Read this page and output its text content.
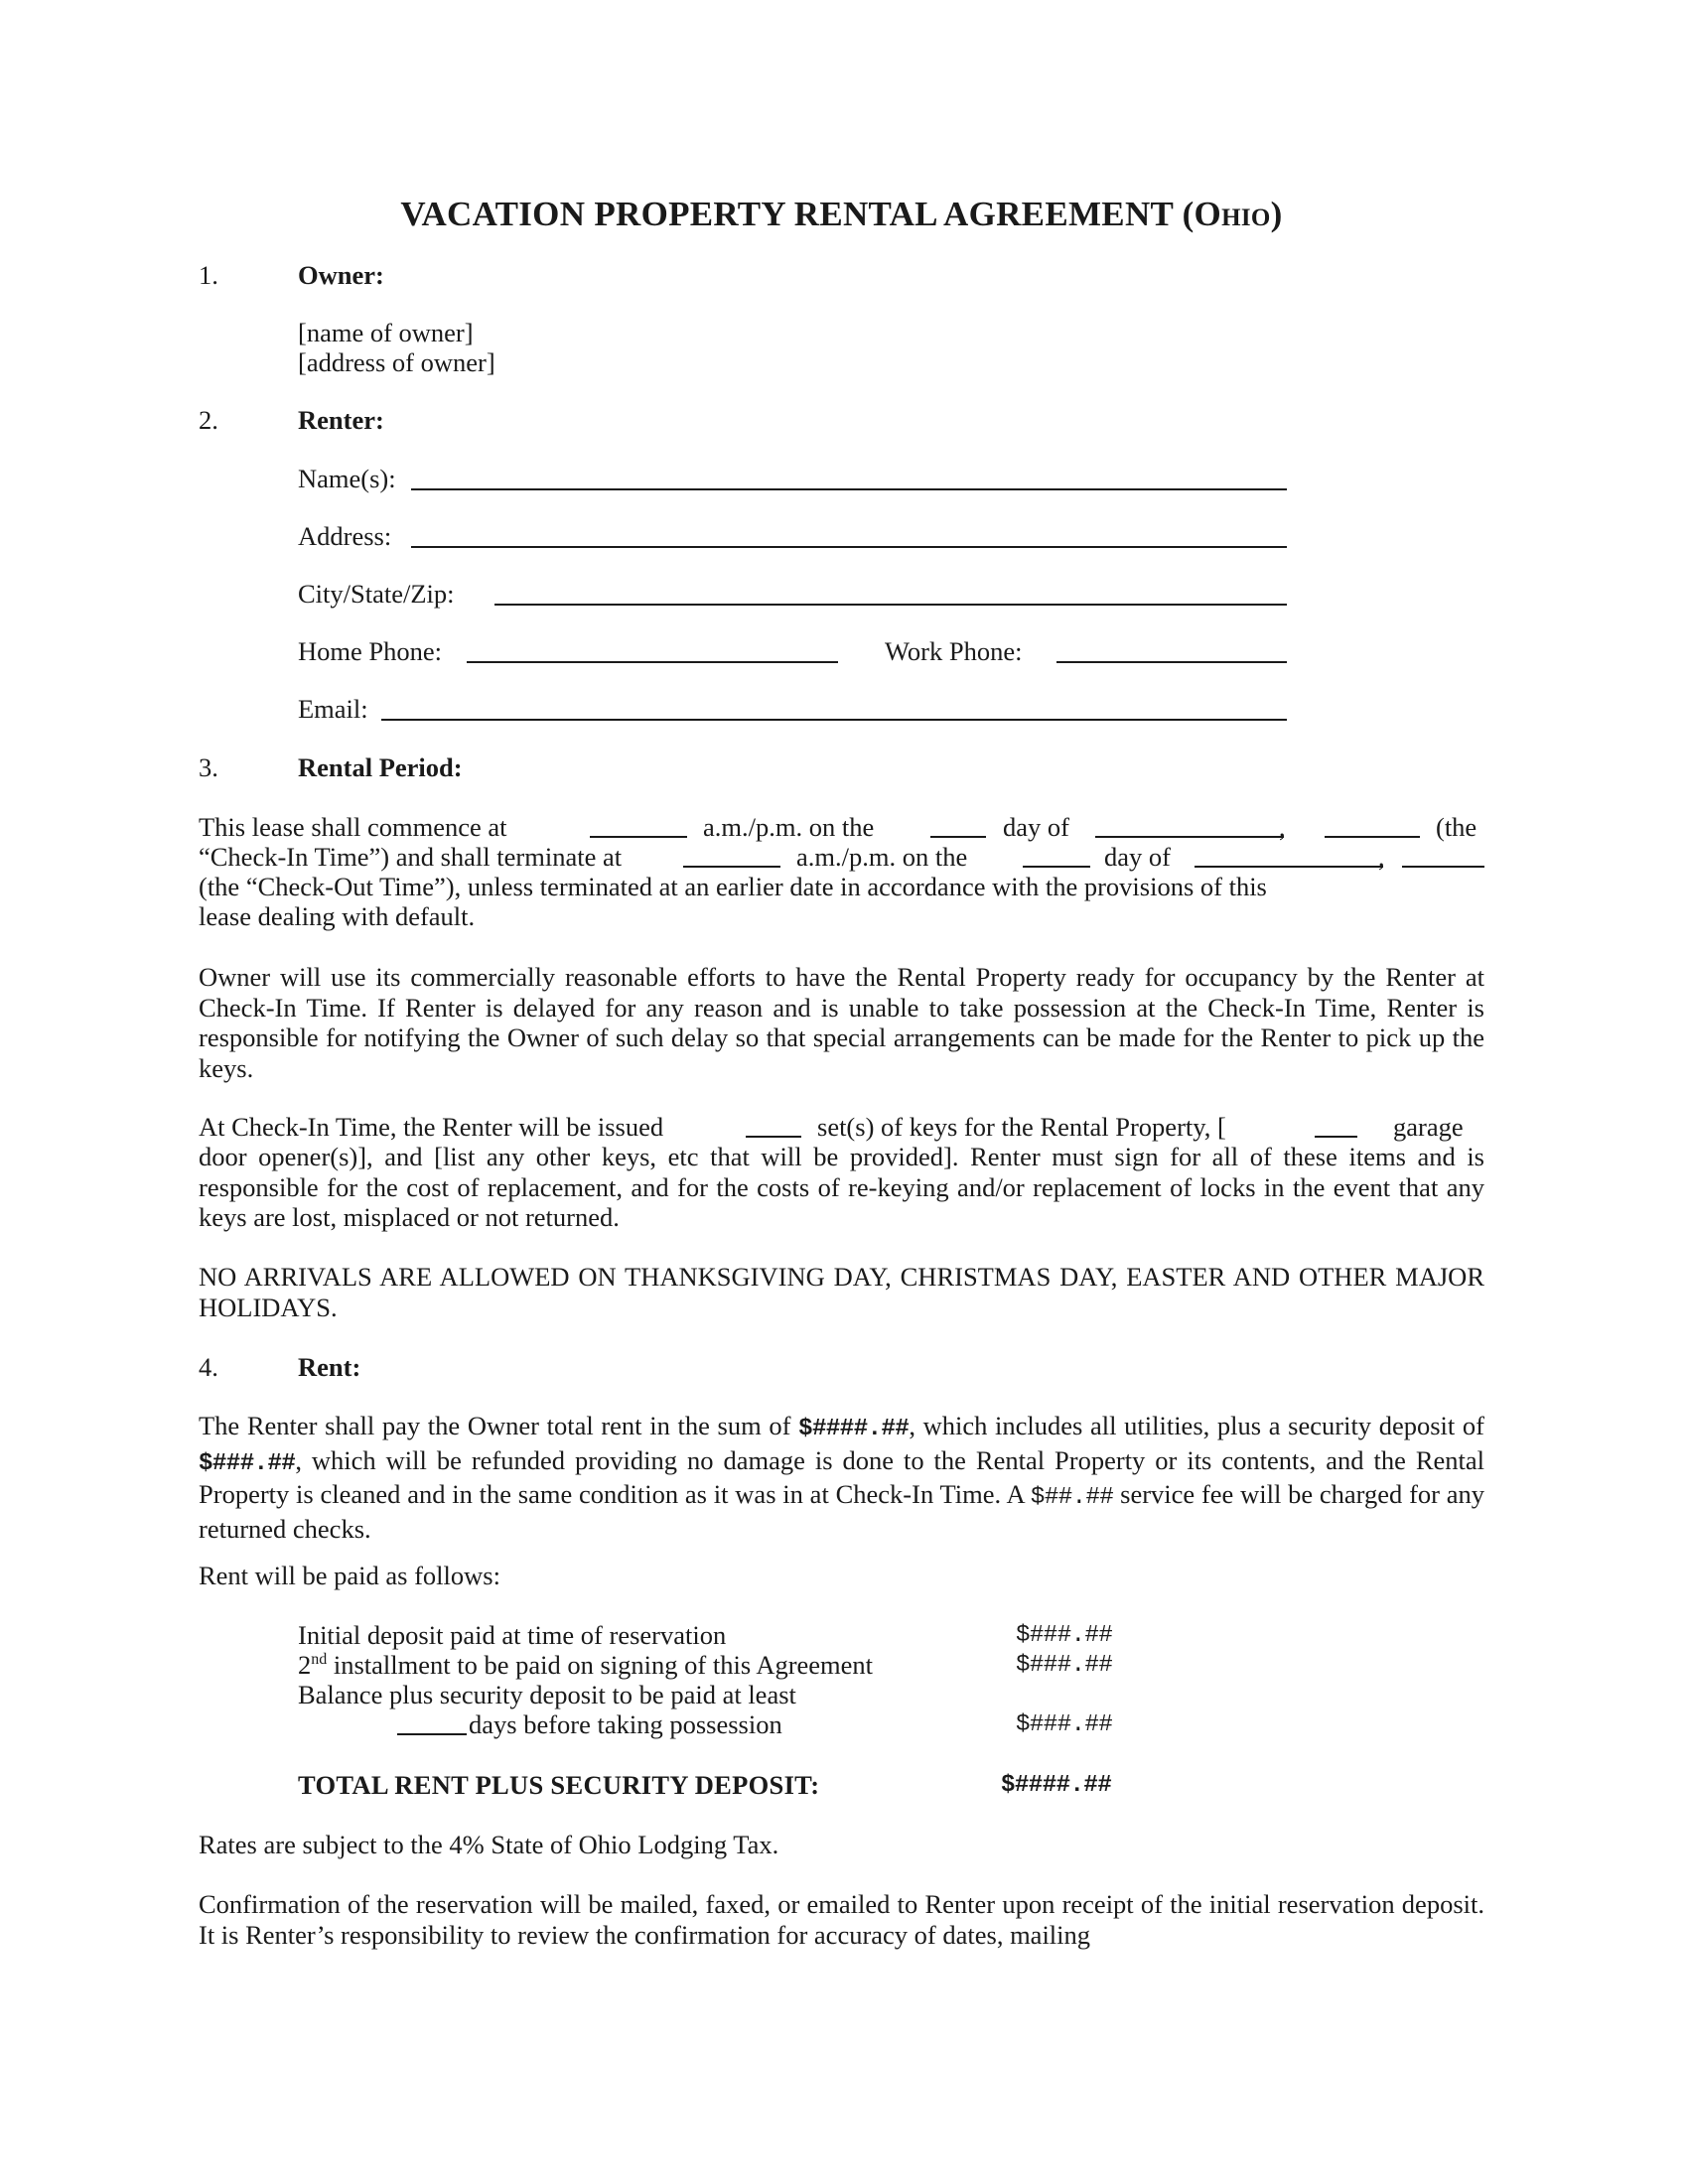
VACATION PROPERTY RENTAL AGREEMENT (Ohio)
1.	Owner:
[name of owner]
[address of owner]
2.	Renter:
Name(s):
Address:
City/State/Zip:
Home Phone:	Work Phone:
Email:
3.	Rental Period:
This lease shall commence at	a.m./p.m. on the	day of	,	(the
“Check-In Time”) and shall terminate at	a.m./p.m. on the	day of	,
(the “Check-Out Time”), unless terminated at an earlier date in accordance with the provisions of this
lease dealing with default.
Owner will use its commercially reasonable efforts to have the Rental Property ready for occupancy by the Renter at Check-In Time. If Renter is delayed for any reason and is unable to take possession at the Check-In Time, Renter is responsible for notifying the Owner of such delay so that special arrangements can be made for the Renter to pick up the keys.
At Check-In Time, the Renter will be issued	set(s) of keys for the Rental Property, [	garage
door opener(s)], and [list any other keys, etc that will be provided]. Renter must sign for all of these items and is responsible for the cost of replacement, and for the costs of re-keying and/or replacement of locks in the event that any keys are lost, misplaced or not returned.
NO ARRIVALS ARE ALLOWED ON THANKSGIVING DAY, CHRISTMAS DAY, EASTER AND OTHER MAJOR HOLIDAYS.
4.	Rent:
The Renter shall pay the Owner total rent in the sum of $####.##, which includes all utilities, plus a security deposit of $###.##, which will be refunded providing no damage is done to the Rental Property or its contents, and the Rental Property is cleaned and in the same condition as it was in at Check-In Time. A $##.## service fee will be charged for any returned checks.
Rent will be paid as follows:
Initial deposit paid at time of reservation	$###.##
2nd installment to be paid on signing of this Agreement	$###.##
Balance plus security deposit to be paid at least
days before taking possession	$###.##
TOTAL RENT PLUS SECURITY DEPOSIT:	$####.##
Rates are subject to the 4% State of Ohio Lodging Tax.
Confirmation of the reservation will be mailed, faxed, or emailed to Renter upon receipt of the initial reservation deposit. It is Renter’s responsibility to review the confirmation for accuracy of dates, mailing
